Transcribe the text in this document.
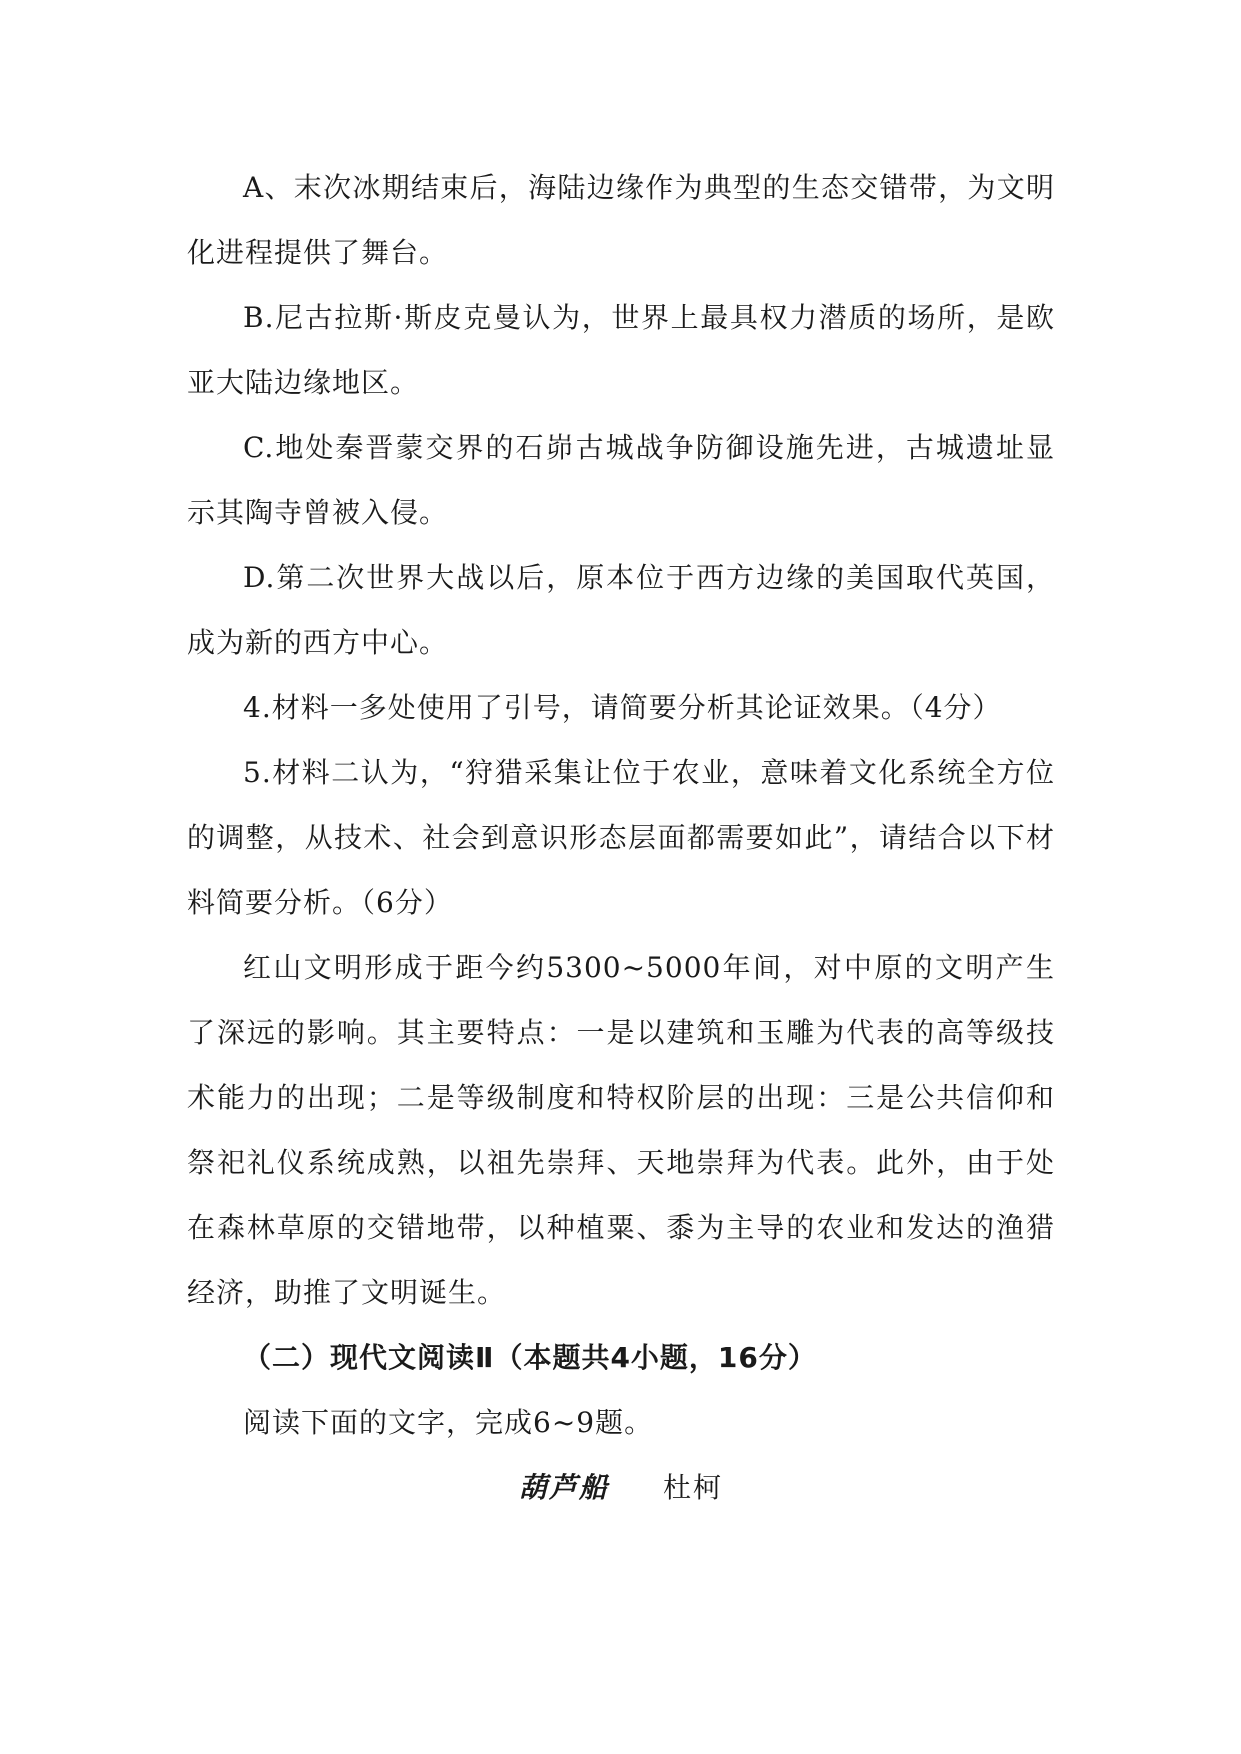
A、末次冰期结束后，海陆边缘作为典型的生态交错带，为文明化进程提供了舞台。

B.尼古拉斯·斯皮克曼认为，世界上最具权力潜质的场所，是欧亚大陆边缘地区。

C.地处秦晋蒙交界的石峁古城战争防御设施先进，古城遗址显示其陶寺曾被入侵。

D.第二次世界大战以后，原本位于西方边缘的美国取代英国，成为新的西方中心。

4.材料一多处使用了引号，请简要分析其论证效果。（4分）

5.材料二认为，“狩猎采集让位于农业，意味着文化系统全方位的调整，从技术、社会到意识形态层面都需要如此”，请结合以下材料简要分析。（6分）

红山文明形成于距今约5300~5000年间，对中原的文明产生了深远的影响。其主要特点：一是以建筑和玉雕为代表的高等级技术能力的出现；二是等级制度和特权阶层的出现：三是公共信仰和祭祀礼仪系统成熟，以祖先崇拜、天地崇拜为代表。此外，由于处在森林草原的交错地带，以种植粟、黍为主导的农业和发达的渔猎经济，助推了文明诞生。

（二）现代文阅读Ⅱ（本题共4小题，16分）

阅读下面的文字，完成6~9题。

葫芦船 杜柯
